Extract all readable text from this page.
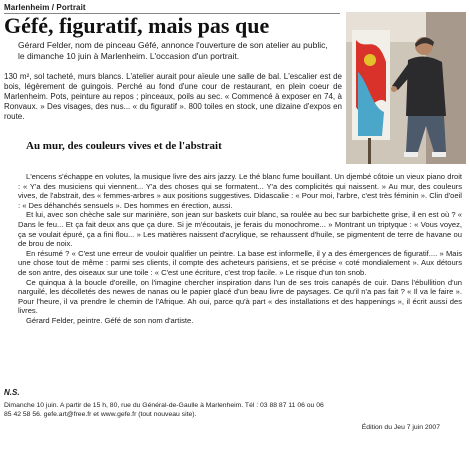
Marlenheim / Portrait
Géfé, figuratif, mais pas que
Gérard Felder, nom de pinceau Géfé, annonce l'ouverture de son atelier au public, le dimanche 10 juin à Marlenheim. L'occasion d'un portrait.
130 m², sol tacheté, murs blancs. L'atelier aurait pour aïeule une salle de bal. L'escalier est de bois, légèrement de guingois. Perché au fond d'une cour de restaurant, en plein coeur de Marlenheim. Pots, peinture au repos ; pinceaux, poils au sec. « Commencé à exposer en 74, à Ronvaux. » Des visages, des nus... « du figuratif ». 800 toiles en stock, une dizaine d'expos en route.
Au mur, des couleurs vives et de l'abstrait

L'encens s'échappe en volutes, la musique livre des airs jazzy. Le thé blanc fume bouillant. Un djembé côtoie un vieux piano droit : « Y'a des musiciens qui viennent... Y'a des choses qui se formatent... Y'a des complicités qui naissent. » Au mur, des couleurs vives, de l'abstrait, des « femmes-arbres » aux positions suggestives. Didascalie : « Pour moi, l'arbre, c'est très féminin ». Clin d'oeil : « Des déhanchés sensuels ». Des hommes en érection, aussi.

Et lui, avec son chèche sale sur marinière, son jean sur baskets cuir blanc, sa roulée au bec sur barbichette grise, il en est où ? « Dans le feu... Et ça fait deux ans que ça dure. Si je m'écoutais, je ferais du monochrome... » Montrant un triptyque : « Vous voyez, ça se voulait épuré, ça a fini flou... » Les matières naissent d'acrylique, se rehaussent d'huile, se pigmentent de terre de havane ou de brou de noix.

En résumé ? « C'est une erreur de vouloir qualifier un peintre. La base est informelle, il y a des émergences de figuratif.... » Mais une chose tout de même : parmi ses clients, il compte des acheteurs parisiens, et se précise « coté mondialement ». Aux détours de son antre, des oiseaux sur une toile : « C'est une écriture, c'est trop facile. » Le risque d'un ton snob.

Ce quinqua à la boucle d'oreille, on l'imagine chercher inspiration dans l'un de ses trois canapés de cuir. Dans l'ébullition d'un narguilé, les décolletés des newes de nanas ou le papier glacé d'un beau livre de paysages. Ce qu'il n'a pas fait ? « Il va le faire ». Pour l'heure, il va prendre le chemin de l'Afrique. Ah oui, parce qu'à part « des installations et des happenings », il écrit aussi des livres.

Gérard Felder, peintre. Géfé de son nom d'artiste.

N.S.
Dimanche 10 juin. A partir de 15 h, 80, rue du Général-de-Gaulle à Marlenheim. Tél : 03 88 87 11 06 ou 06 85 42 58 56. gefe.art@free.fr et www.gefe.fr (tout nouveau site).
Édition du Jeu 7 juin 2007
